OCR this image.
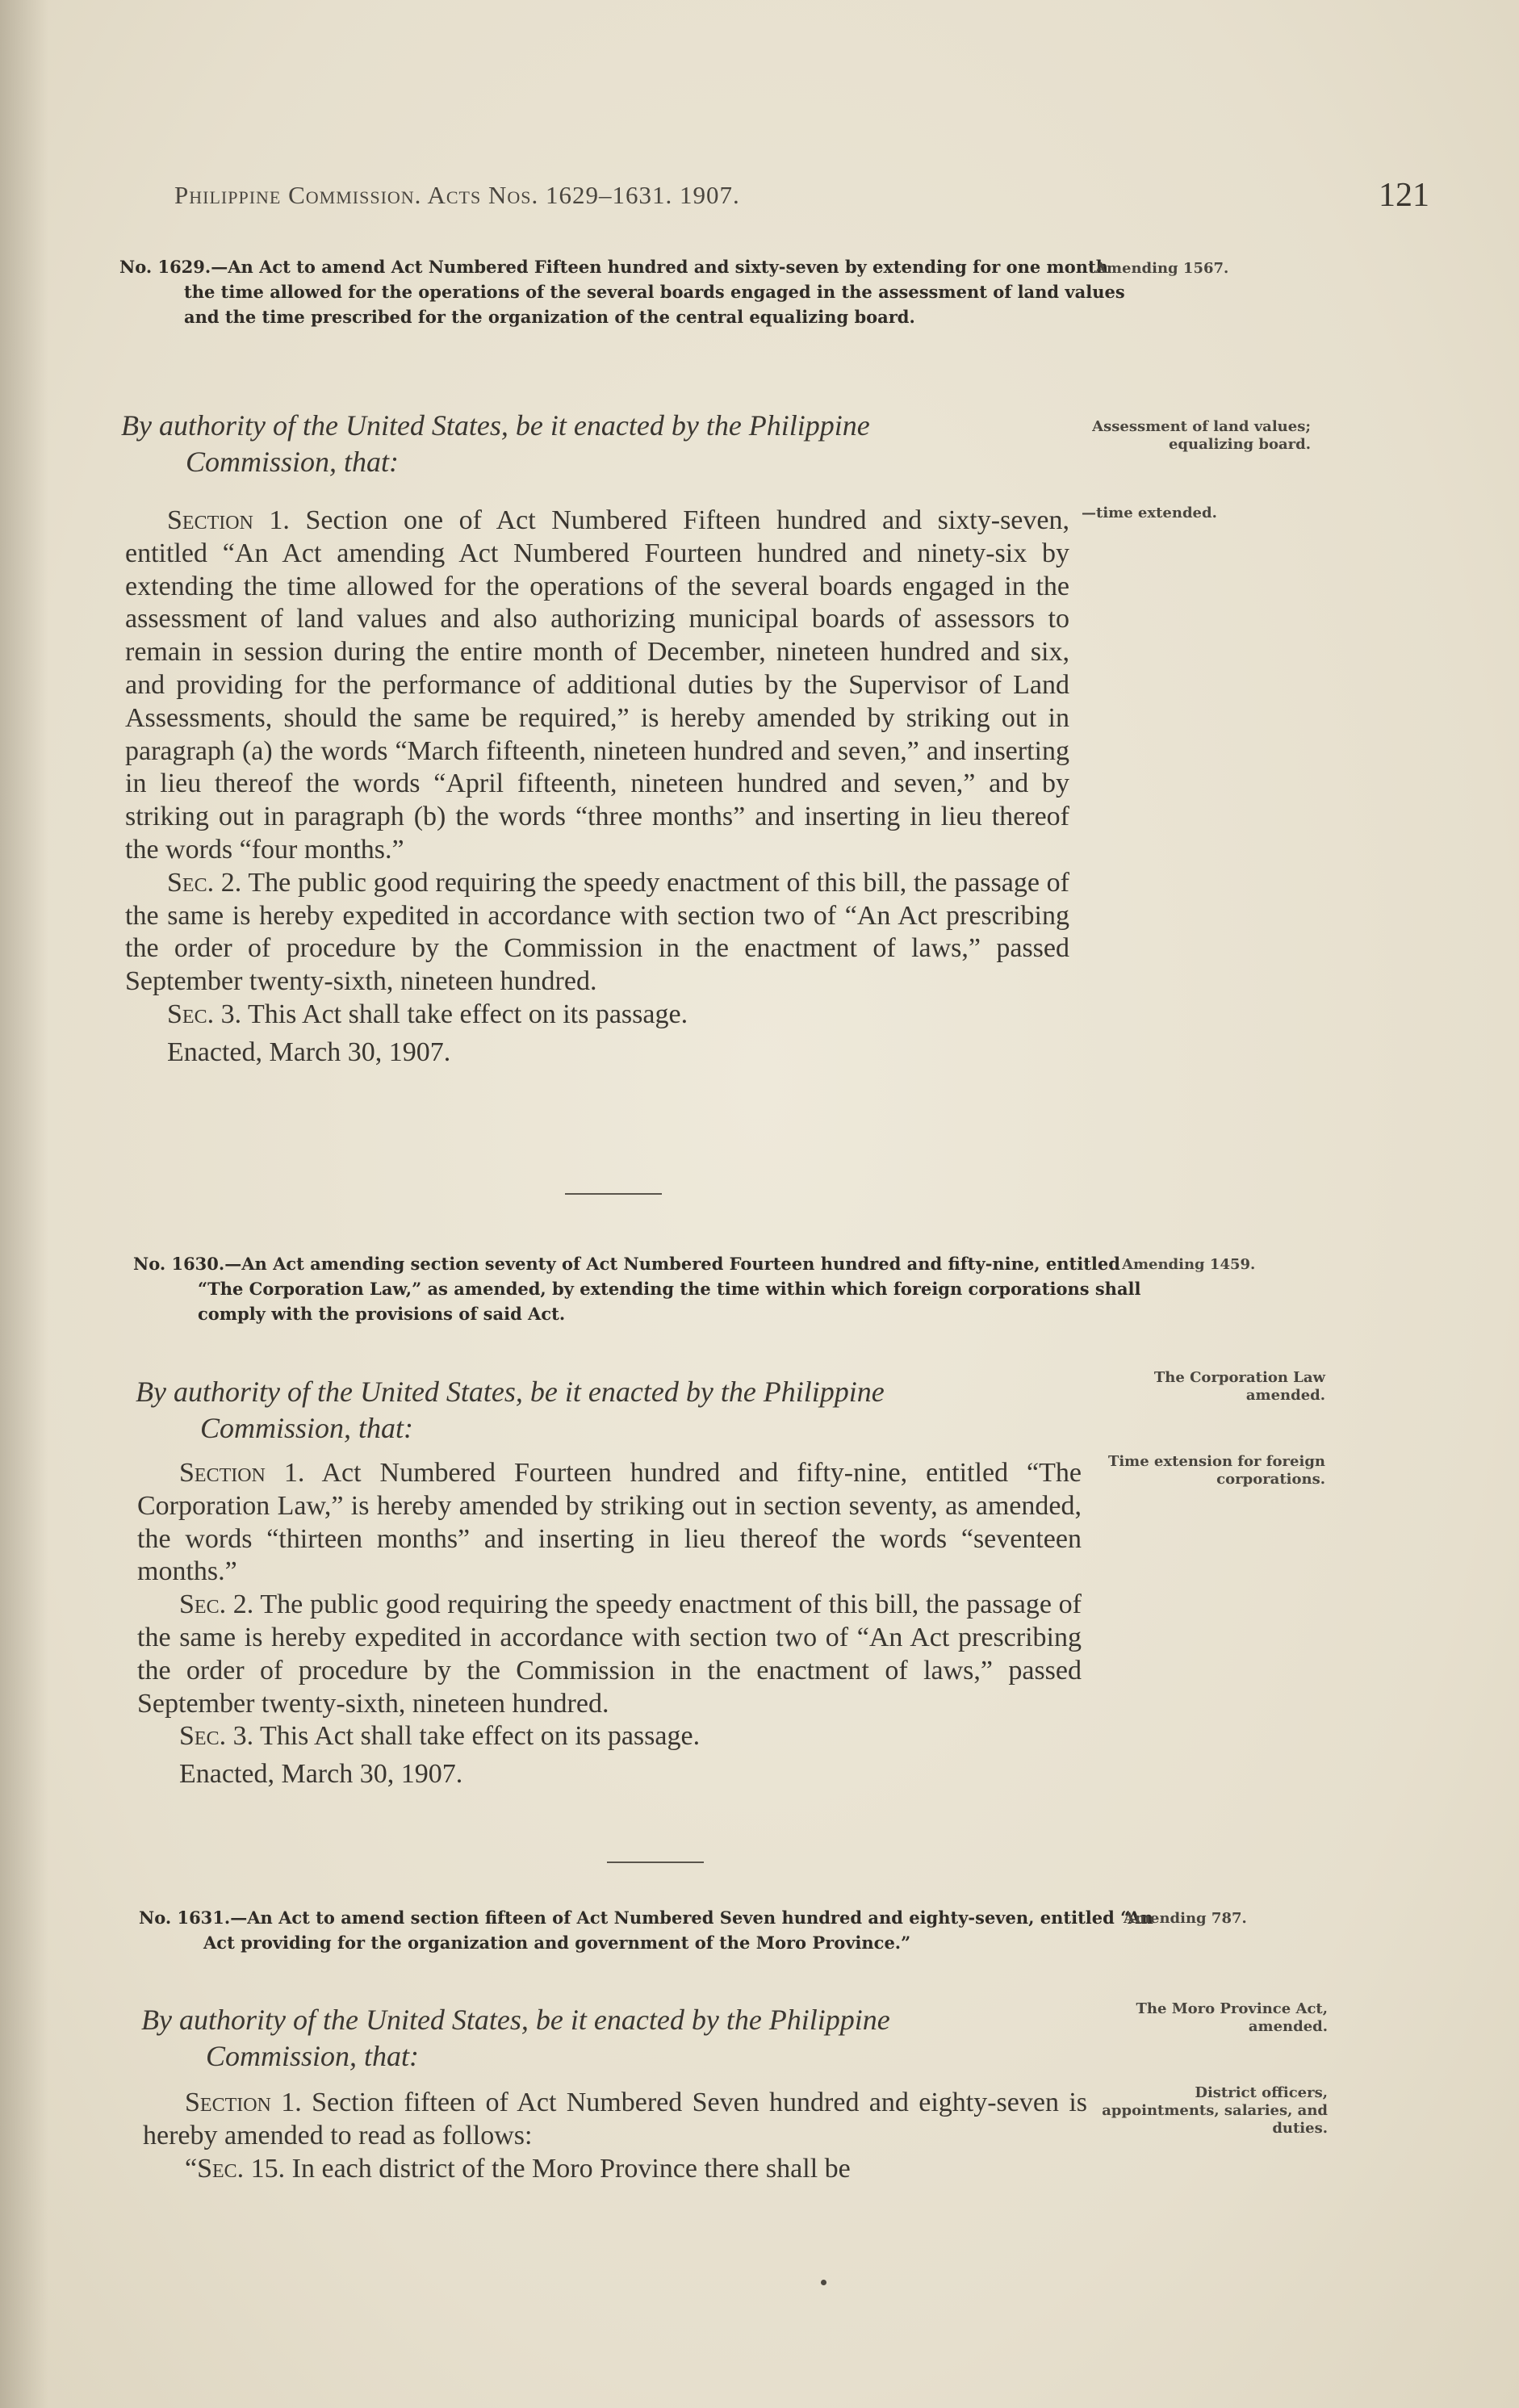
Philippine Commission. Acts Nos. 1629–1631. 1907.	121
No. 1629.—An Act to amend Act Numbered Fifteen hundred and sixty-seven by extending for one month the time allowed for the operations of the several boards engaged in the assessment of land values and the time prescribed for the organization of the central equalizing board.
Amending 1567.
By authority of the United States, be it enacted by the Philippine
Commission, that:
Assessment of land values; equalizing board.
—time extended.

Section 1. Section one of Act Numbered Fifteen hundred and sixty-seven, entitled “An Act amending Act Numbered Fourteen hundred and ninety-six by extending the time allowed for the operations of the several boards engaged in the assessment of land values and also authorizing municipal boards of assessors to remain in session during the entire month of December, nineteen hundred and six, and providing for the performance of additional duties by the Supervisor of Land Assessments, should the same be required,” is hereby amended by striking out in paragraph (a) the words “March fifteenth, nineteen hundred and seven,” and inserting in lieu thereof the words “April fifteenth, nineteen hundred and seven,” and by striking out in paragraph (b) the words “three months” and inserting in lieu thereof the words “four months.”

Sec. 2. The public good requiring the speedy enactment of this bill, the passage of the same is hereby expedited in accordance with section two of “An Act prescribing the order of procedure by the Commission in the enactment of laws,” passed September twenty-sixth, nineteen hundred.

Sec. 3. This Act shall take effect on its passage.

Enacted, March 30, 1907.

No. 1630.—An Act amending section seventy of Act Numbered Fourteen hundred and fifty-nine, entitled “The Corporation Law,” as amended, by extending the time within which foreign corporations shall comply with the provisions of said Act.
Amending 1459.
By authority of the United States, be it enacted by the Philippine
Commission, that:
The Corporation Law amended.
Time extension for foreign corporations.

Section 1. Act Numbered Fourteen hundred and fifty-nine, entitled “The Corporation Law,” is hereby amended by striking out in section seventy, as amended, the words “thirteen months” and inserting in lieu thereof the words “seventeen months.”

Sec. 2. The public good requiring the speedy enactment of this bill, the passage of the same is hereby expedited in accordance with section two of “An Act prescribing the order of procedure by the Commission in the enactment of laws,” passed September twenty-sixth, nineteen hundred.

Sec. 3. This Act shall take effect on its passage.

Enacted, March 30, 1907.

No. 1631.—An Act to amend section fifteen of Act Numbered Seven hundred and eighty-seven, entitled “An Act providing for the organization and government of the Moro Province.”
Amending 787.
By authority of the United States, be it enacted by the Philippine
Commission, that:
The Moro Province Act, amended.
District officers, appointments, salaries, and duties.

Section 1. Section fifteen of Act Numbered Seven hundred and eighty-seven is hereby amended to read as follows:

“Sec. 15. In each district of the Moro Province there shall be
